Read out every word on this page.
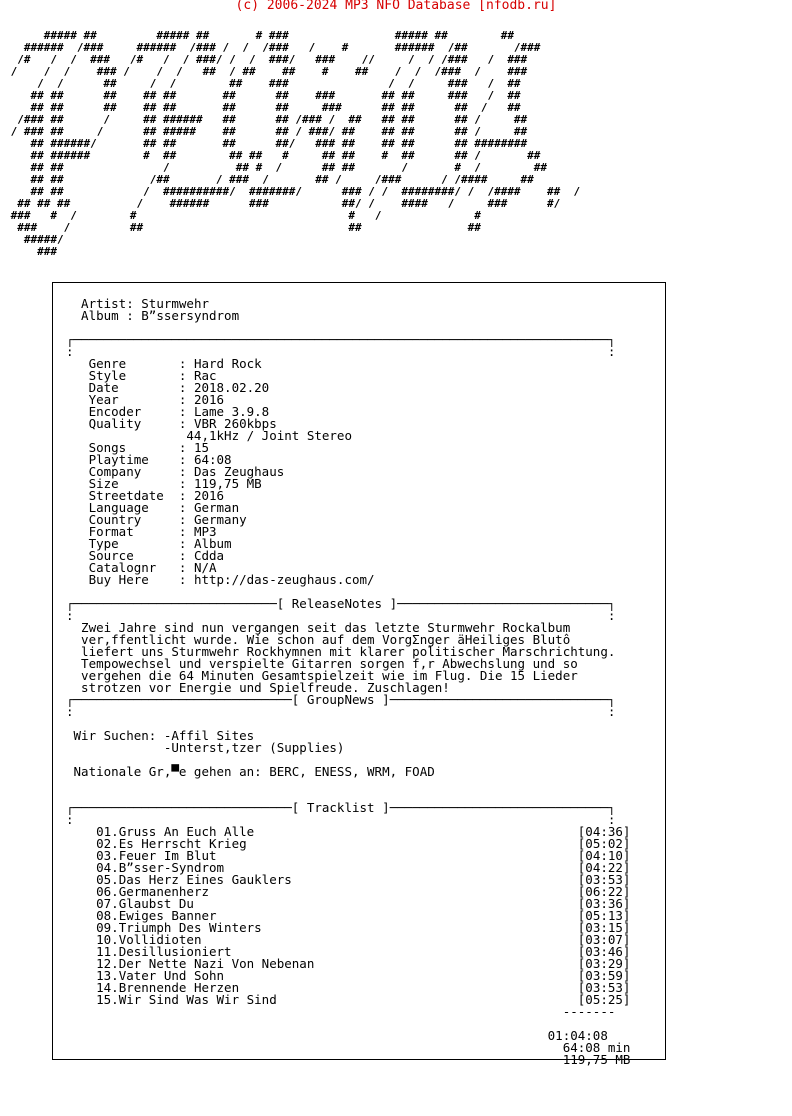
(c) 2006-2024 MP3 NFO Database [nfodb.ru]
##### ##         ##### ##       # ###                ##### ##        ##
######  /###     ######  /### /  /  /###   /    #       ######  /##       /###
/#   /  /  ###   /#   /  / ###/ /  /  ###/   ###    //     /  / /###   /  ###
/    /  /    ### /    /  /   ##  / ##    ##    #    ##    /  /  /###  /    ###
/  /      ##     /  /        ##    ###               /  /     ###   /  ##
## ##      ##    ## ##       ##      ##    ###       ## ##     ###   /  ##
## ##      ##    ## ##       ##      ##     ###      ## ##      ##  /   ##
/### ##      /     ## ######   ##      ## /### /  ##   ## ##      ## /     ##
/ ### ##     /      ## #####    ##      ## / ###/ ##    ## ##      ## /     ##
## ######/       ## ##       ##      ##/   ### ##    ## ##      ## ########
## ######        #  ##        ## ##   #     ## ##    #  ##      ## /       ##
## ##               /          ## #  /      ## ##       /       #  /        ##
## ##             /##       / ###  /       ## /     /###      / /####     ##
## ##            /  ##########/  #######/      ### / /  ########/ /  /####    ##  /
## ## ##          /    ######      ###           ##/ /    ####   /     ###      #/
###   #  /        #                                #   /              #
###    /         ##                               ##                ##
#####/
###
Artist: Sturmwehr
Album : B”ssersyndrom

┌───────────────────────────────────────────────────────────────────────┐
:                                                                       :
Genre       : Hard Rock
Style       : Rac
Date        : 2018.02.20
Year        : 2016
Encoder     : Lame 3.9.8
Quality     : VBR 260kbps
44,1kHz / Joint Stereo
Songs       : 15
Playtime    : 64:08
Company     : Das Zeughaus
Size        : 119,75 MB
Streetdate  : 2016
Language    : German
Country     : Germany
Format      : MP3
Type        : Album
Source      : Cdda
Catalognr   : N/A
Buy Here    : http://das-zeughaus.com/

┌───────────────────────────[ ReleaseNotes ]────────────────────────────┐
:                                                                       :
Zwei Jahre sind nun vergangen seit das letzte Sturmwehr Rockalbum
ver‚ffentlicht wurde. Wie schon auf dem VorgΣnger äHeiliges Blutô
liefert uns Sturmwehr Rockhymnen mit klarer politischer Marschrichtung.
Tempowechsel und verspielte Gitarren sorgen f‚r Abwechslung und so
vergehen die 64 Minuten Gesamtspielzeit wie im Flug. Die 15 Lieder
strotzen vor Energie und Spielfreude. Zuschlagen!
┌─────────────────────────────[ GroupNews ]─────────────────────────────┐
:                                                                       :

Wir Suchen: -Affil Sites
-Unterst‚tzer (Supplies)

Nationale Gr‚▀e gehen an: BERC, ENESS, WRM, FOAD

┌─────────────────────────────[ Tracklist ]─────────────────────────────┐
:                                                                       :
01.Gruss An Euch Alle	[04:36]
02.Es Herrscht Krieg	[05:02]
03.Feuer Im Blut	[04:10]
04.B”sser-Syndrom	[04:22]
05.Das Herz Eines Gauklers	[03:53]
06.Germanenherz	[06:22]
07.Glaubst Du	[03:36]
08.Ewiges Banner	[05:13]
09.Triumph Des Winters	[03:15]
10.Vollidioten	[03:07]
11.Desillusioniert	[03:46]
12.Der Nette Nazi Von Nebenan	[03:29]
13.Vater Und Sohn	[03:59]
14.Brennende Herzen	[03:53]
15.Wir Sind Was Wir Sind	[05:25]
-------

01:04:08
64:08 min
119,75 MB
